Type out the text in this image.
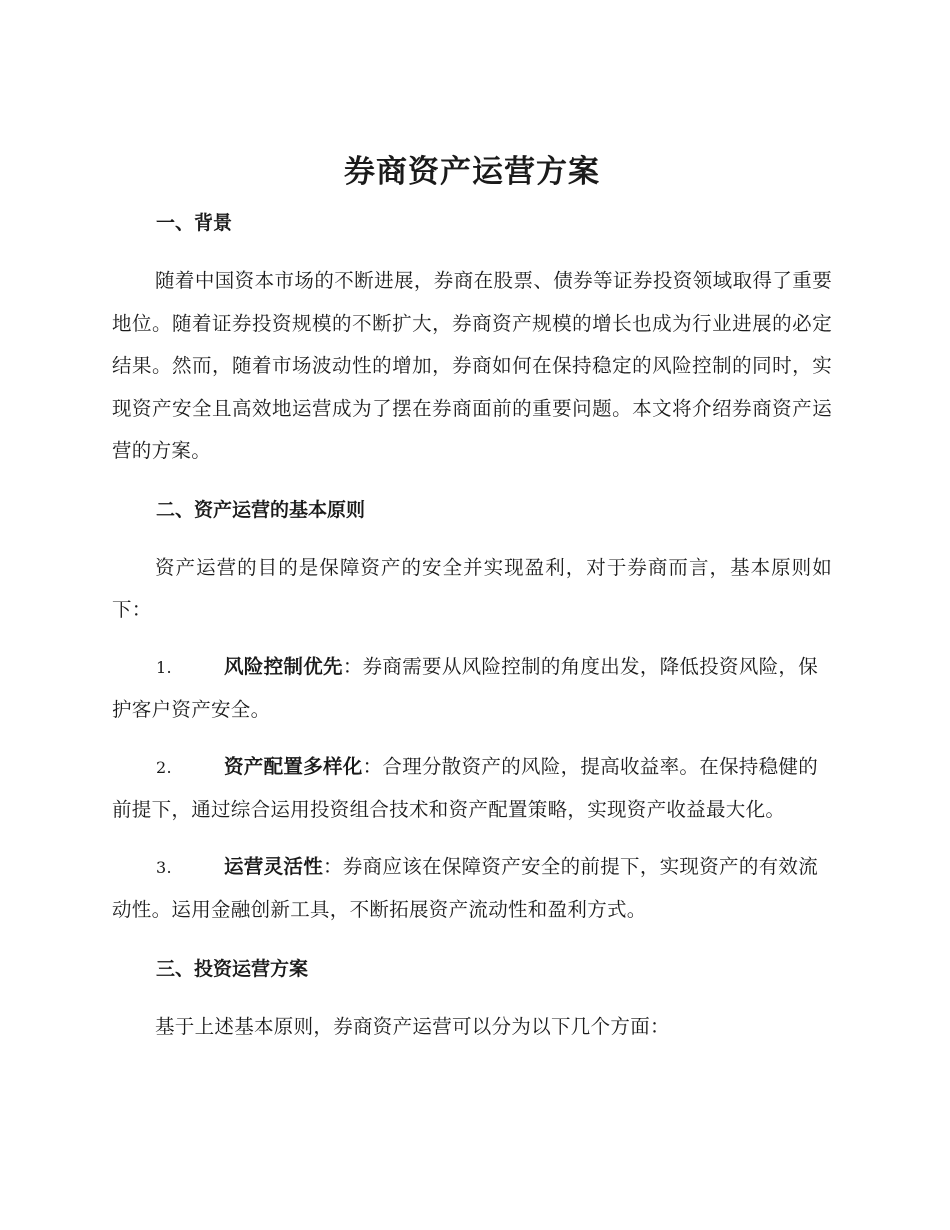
券商资产运营方案
一、背景

随着中国资本市场的不断进展，券商在股票、债券等证券投资领域取得了重要地位。随着证券投资规模的不断扩大，券商资产规模的增长也成为行业进展的必定结果。然而，随着市场波动性的增加，券商如何在保持稳定的风险控制的同时，实现资产安全且高效地运营成为了摆在券商面前的重要问题。本文将介绍券商资产运营的方案。

二、资产运营的基本原则

资产运营的目的是保障资产的安全并实现盈利，对于券商而言，基本原则如下：

1.	风险控制优先：券商需要从风险控制的角度出发，降低投资风险，保护客户资产安全。

2.	资产配置多样化：合理分散资产的风险，提高收益率。在保持稳健的前提下，通过综合运用投资组合技术和资产配置策略，实现资产收益最大化。

3.	运营灵活性：券商应该在保障资产安全的前提下，实现资产的有效流动性。运用金融创新工具，不断拓展资产流动性和盈利方式。

三、投资运营方案

基于上述基本原则，券商资产运营可以分为以下几个方面：
